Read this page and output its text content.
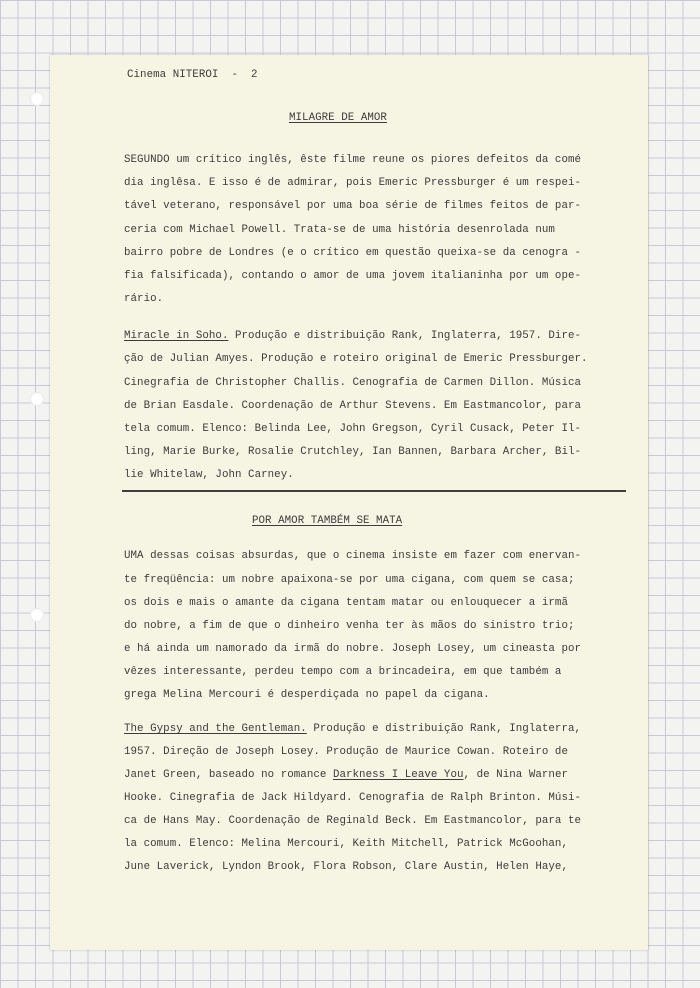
Cinema NITEROI  -  2

MILAGRE DE AMOR

SEGUNDO um crítico inglês, êste filme reune os piores defeitos da comé

dia inglêsa. E isso é de admirar, pois Emeric Pressburger é um respei-

tável veterano, responsável por uma boa série de filmes feitos de par-

ceria com Michael Powell. Trata-se de uma história desenrolada num

bairro pobre de Londres (e o crítico em questão queixa-se da cenogra -

fia falsificada), contando o amor de uma jovem italianinha por um ope-

rário.

Miracle in Soho. Produção e distribuição Rank, Inglaterra, 1957. Dire-

ção de Julian Amyes. Produção e roteiro original de Emeric Pressburger.

Cinegrafia de Christopher Challis. Cenografia de Carmen Dillon. Música

de Brian Easdale. Coordenação de Arthur Stevens. Em Eastmancolor, para

tela comum. Elenco: Belinda Lee, John Gregson, Cyril Cusack, Peter Il-

ling, Marie Burke, Rosalie Crutchley, Ian Bannen, Barbara Archer, Bil-

lie Whitelaw, John Carney.

POR AMOR TAMBÉM SE MATA

UMA dessas coisas absurdas, que o cinema insiste em fazer com enervan-

te freqüência: um nobre apaixona-se por uma cigana, com quem se casa;

os dois e mais o amante da cigana tentam matar ou enlouquecer a irmã

do nobre, a fim de que o dinheiro venha ter às mãos do sinistro trio;

e há ainda um namorado da irmã do nobre. Joseph Losey, um cineasta por

vêzes interessante, perdeu tempo com a brincadeira, em que também a

grega Melina Mercouri é desperdiçada no papel da cigana.

The Gypsy and the Gentleman. Produção e distribuição Rank, Inglaterra,

1957. Direção de Joseph Losey. Produção de Maurice Cowan. Roteiro de

Janet Green, baseado no romance Darkness I Leave You, de Nina Warner

Hooke. Cinegrafia de Jack Hildyard. Cenografia de Ralph Brinton. Músi-

ca de Hans May. Coordenação de Reginald Beck. Em Eastmancolor, para te

la comum. Elenco: Melina Mercouri, Keith Mitchell, Patrick McGoohan,

June Laverick, Lyndon Brook, Flora Robson, Clare Austin, Helen Haye,
